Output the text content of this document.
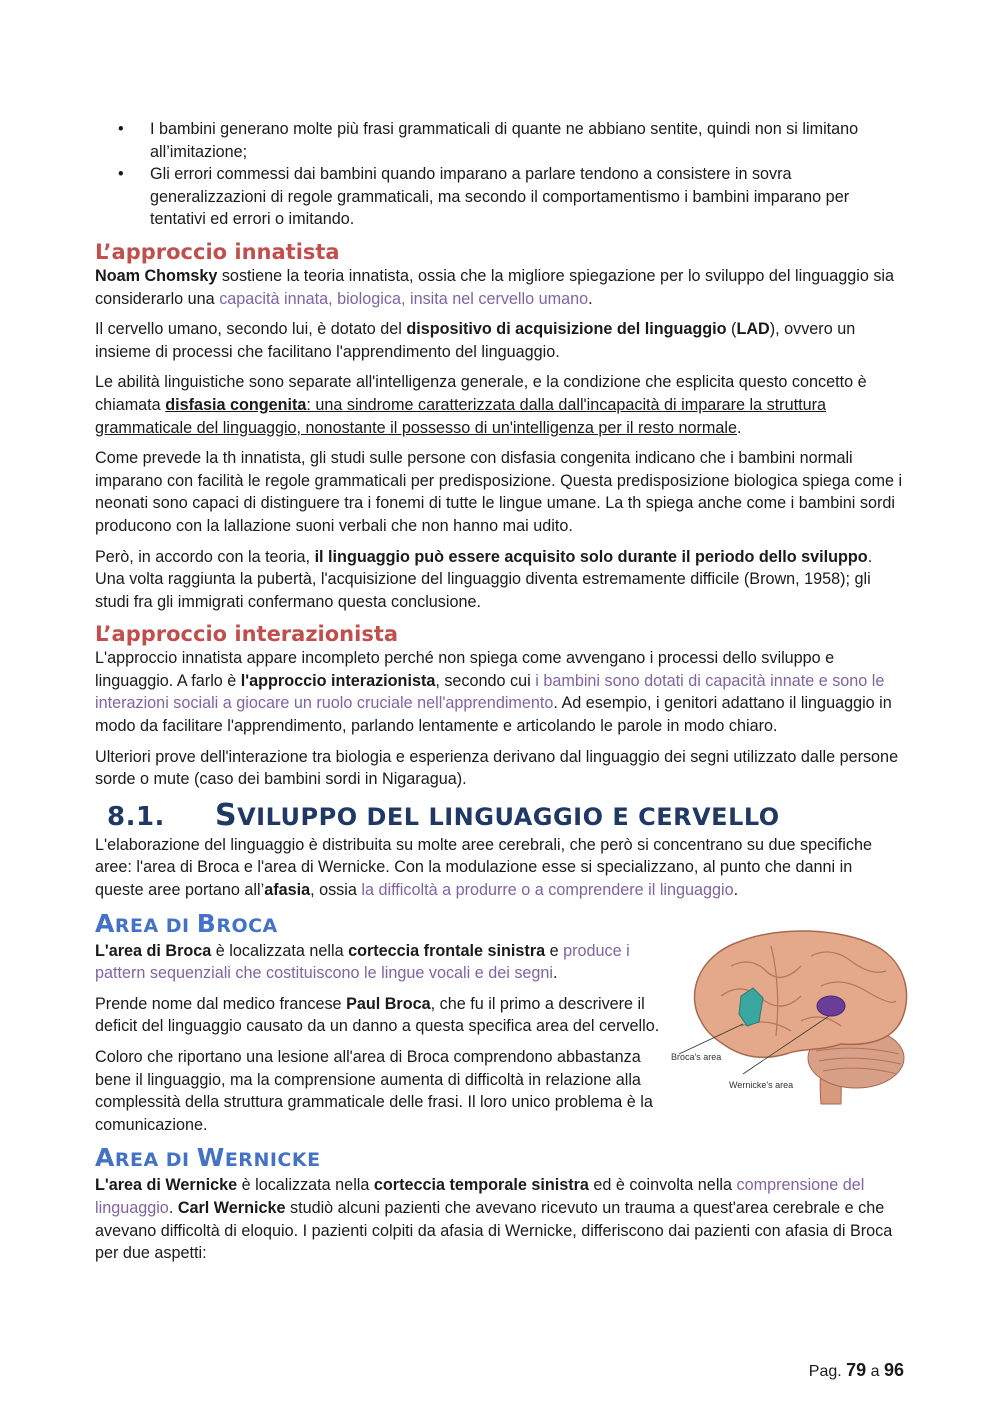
• I bambini generano molte più frasi grammaticali di quante ne abbiano sentite, quindi non si limitano all’imitazione;
• Gli errori commessi dai bambini quando imparano a parlare tendono a consistere in sovra generalizzazioni di regole grammaticali, ma secondo il comportamentismo i bambini imparano per tentativi ed errori o imitando.
L’approccio innatista

Noam Chomsky sostiene la teoria innatista, ossia che la migliore spiegazione per lo sviluppo del linguaggio sia considerarlo una capacità innata, biologica, insita nel cervello umano.

Il cervello umano, secondo lui, è dotato del dispositivo di acquisizione del linguaggio (LAD), ovvero un insieme di processi che facilitano l'apprendimento del linguaggio.

Le abilità linguistiche sono separate all'intelligenza generale, e la condizione che esplicita questo concetto è chiamata disfasia congenita: una sindrome caratterizzata dalla dall'incapacità di imparare la struttura grammaticale del linguaggio, nonostante il possesso di un'intelligenza per il resto normale.

Come prevede la th innatista, gli studi sulle persone con disfasia congenita indicano che i bambini normali imparano con facilità le regole grammaticali per predisposizione. Questa predisposizione biologica spiega come i neonati sono capaci di distinguere tra i fonemi di tutte le lingue umane. La th spiega anche come i bambini sordi producono con la lallazione suoni verbali che non hanno mai udito.

Però, in accordo con la teoria, il linguaggio può essere acquisito solo durante il periodo dello sviluppo. Una volta raggiunta la pubertà, l'acquisizione del linguaggio diventa estremamente difficile (Brown, 1958); gli studi fra gli immigrati confermano questa conclusione.

L’approccio interazionista

L'approccio innatista appare incompleto perché non spiega come avvengano i processi dello sviluppo e linguaggio. A farlo è l'approccio interazionista, secondo cui i bambini sono dotati di capacità innate e sono le interazioni sociali a giocare un ruolo cruciale nell'apprendimento. Ad esempio, i genitori adattano il linguaggio in modo da facilitare l'apprendimento, parlando lentamente e articolando le parole in modo chiaro.

Ulteriori prove dell'interazione tra biologia e esperienza derivano dal linguaggio dei segni utilizzato dalle persone sorde o mute (caso dei bambini sordi in Nigaragua).

8.1. SVILUPPO DEL LINGUAGGIO E CERVELLO

L'elaborazione del linguaggio è distribuita su molte aree cerebrali, che però si concentrano su due specifiche aree: l'area di Broca e l'area di Wernicke. Con la modulazione esse si specializzano, al punto che danni in queste aree portano all’afasia, ossia la difficoltà a produrre o a comprendere il linguaggio.

AREA DI BROCA
Broca's area
Wernicke's area

L'area di Broca è localizzata nella corteccia frontale sinistra e produce i pattern sequenziali che costituiscono le lingue vocali e dei segni.

Prende nome dal medico francese Paul Broca, che fu il primo a descrivere il deficit del linguaggio causato da un danno a questa specifica area del cervello.

Coloro che riportano una lesione all'area di Broca comprendono abbastanza bene il linguaggio, ma la comprensione aumenta di difficoltà in relazione alla complessità della struttura grammaticale delle frasi. Il loro unico problema è la comunicazione.

AREA DI WERNICKE

L'area di Wernicke è localizzata nella corteccia temporale sinistra ed è coinvolta nella comprensione del linguaggio. Carl Wernicke studiò alcuni pazienti che avevano ricevuto un trauma a quest'area cerebrale e che avevano difficoltà di eloquio. I pazienti colpiti da afasia di Wernicke, differiscono dai pazienti con afasia di Broca per due aspetti:

Pag. 79 a 96
